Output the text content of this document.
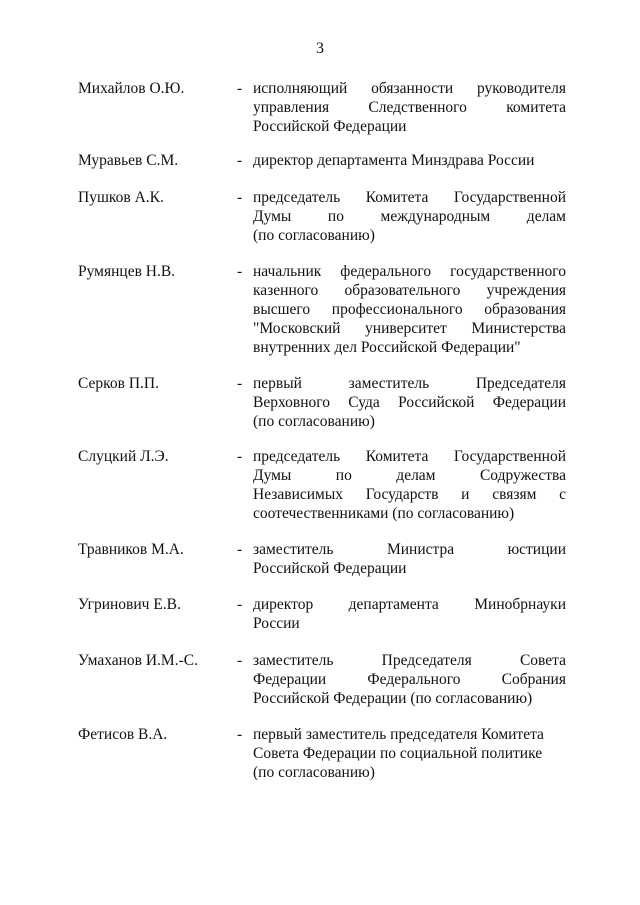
3
Михайлов О.Ю.	- исполняющий обязанности руководителя
управления Следственного комитета
Российской Федерации
Муравьев С.М.	- директор департамента Минздрава России
Пушков А.К.	- председатель Комитета Государственной
Думы по международным делам
(по согласованию)
Румянцев Н.В.	- начальник федерального государственного
казенного образовательного учреждения
высшего профессионального образования
"Московский университет Министерства
внутренних дел Российской Федерации"
Серков П.П.	- первый заместитель Председателя
Верховного Суда Российской Федерации
(по согласованию)
Слуцкий Л.Э.	- председатель Комитета Государственной
Думы по делам Содружества
Независимых Государств и связям с
соотечественниками (по согласованию)
Травников М.А.	- заместитель Министра юстиции
Российской Федерации
Угринович Е.В.	- директор департамента Минобрнауки
России
Умаханов И.М.-С.	- заместитель Председателя Совета
Федерации Федерального Собрания
Российской Федерации (по согласованию)
Фетисов В.А.	- первый заместитель председателя Комитета
Совета Федерации по социальной политике
(по согласованию)
